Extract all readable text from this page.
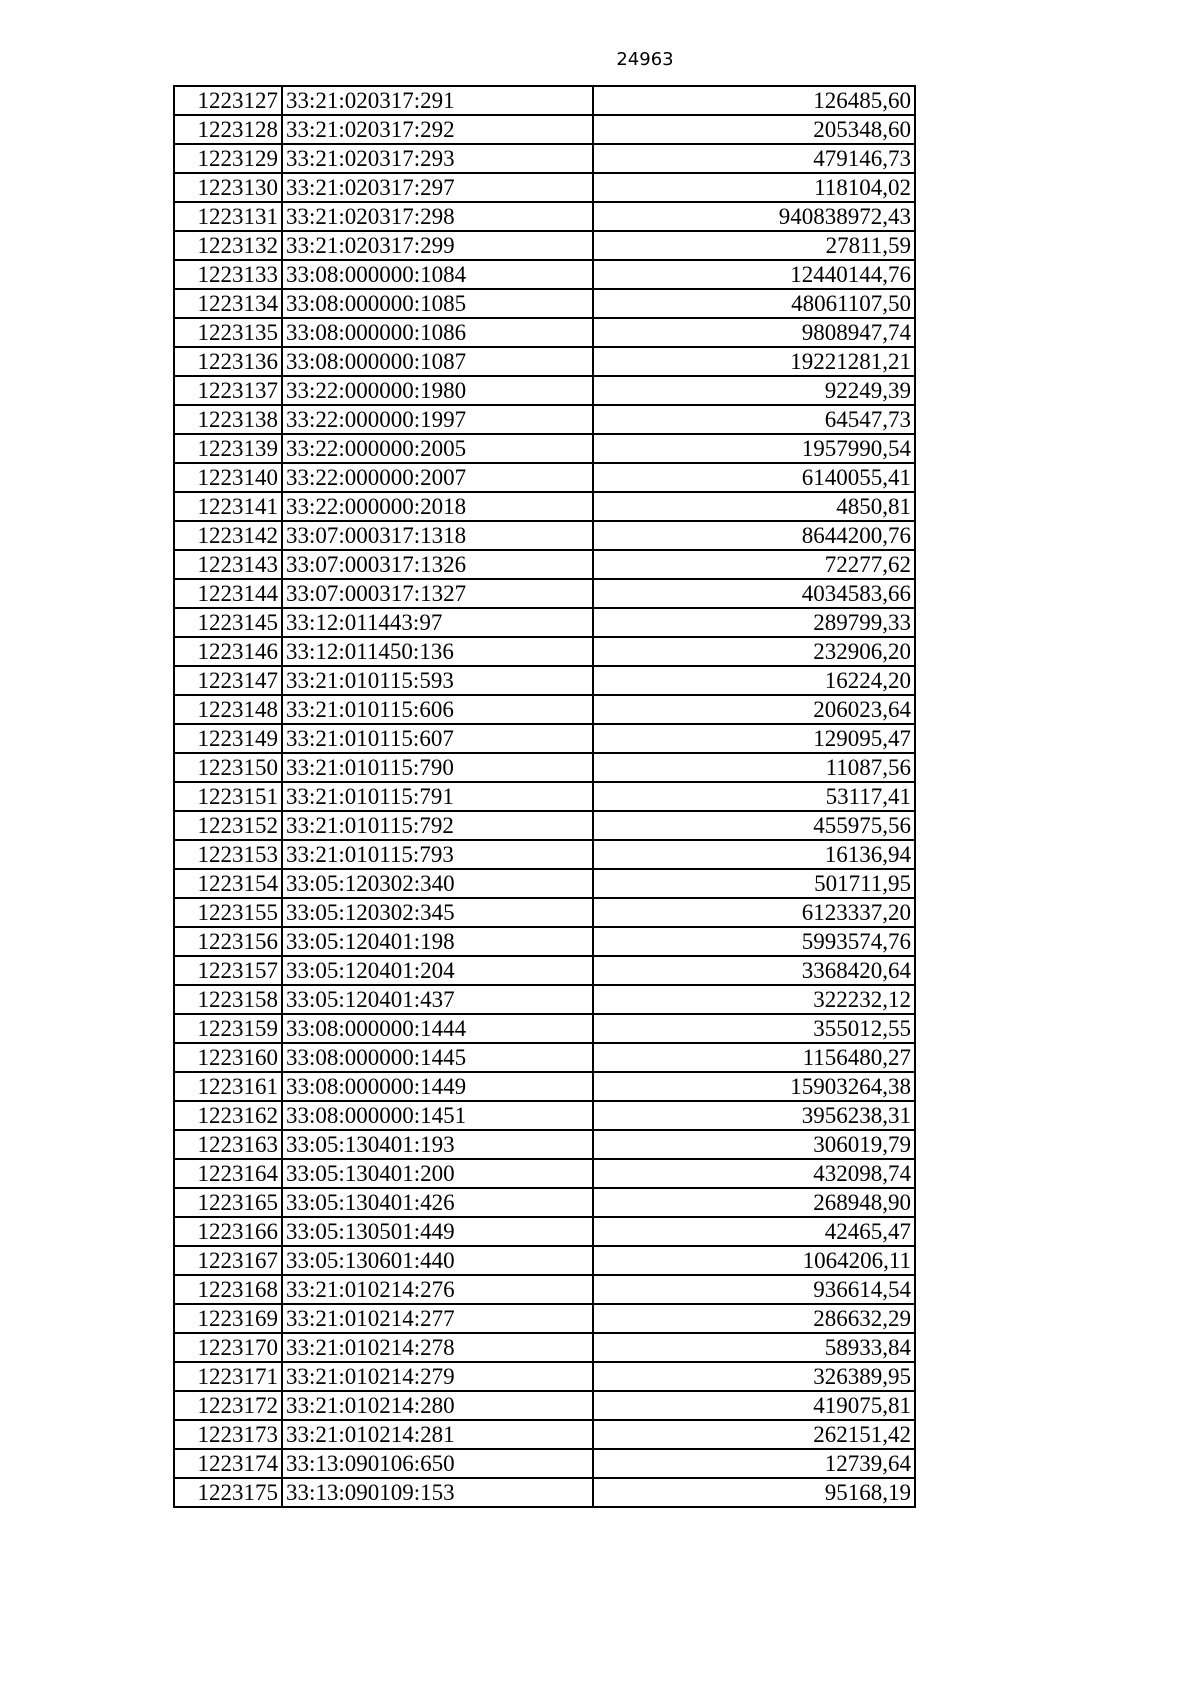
24963
1223127	33:21:020317:291	126485,60
1223128	33:21:020317:292	205348,60
1223129	33:21:020317:293	479146,73
1223130	33:21:020317:297	118104,02
1223131	33:21:020317:298	940838972,43
1223132	33:21:020317:299	27811,59
1223133	33:08:000000:1084	12440144,76
1223134	33:08:000000:1085	48061107,50
1223135	33:08:000000:1086	9808947,74
1223136	33:08:000000:1087	19221281,21
1223137	33:22:000000:1980	92249,39
1223138	33:22:000000:1997	64547,73
1223139	33:22:000000:2005	1957990,54
1223140	33:22:000000:2007	6140055,41
1223141	33:22:000000:2018	4850,81
1223142	33:07:000317:1318	8644200,76
1223143	33:07:000317:1326	72277,62
1223144	33:07:000317:1327	4034583,66
1223145	33:12:011443:97	289799,33
1223146	33:12:011450:136	232906,20
1223147	33:21:010115:593	16224,20
1223148	33:21:010115:606	206023,64
1223149	33:21:010115:607	129095,47
1223150	33:21:010115:790	11087,56
1223151	33:21:010115:791	53117,41
1223152	33:21:010115:792	455975,56
1223153	33:21:010115:793	16136,94
1223154	33:05:120302:340	501711,95
1223155	33:05:120302:345	6123337,20
1223156	33:05:120401:198	5993574,76
1223157	33:05:120401:204	3368420,64
1223158	33:05:120401:437	322232,12
1223159	33:08:000000:1444	355012,55
1223160	33:08:000000:1445	1156480,27
1223161	33:08:000000:1449	15903264,38
1223162	33:08:000000:1451	3956238,31
1223163	33:05:130401:193	306019,79
1223164	33:05:130401:200	432098,74
1223165	33:05:130401:426	268948,90
1223166	33:05:130501:449	42465,47
1223167	33:05:130601:440	1064206,11
1223168	33:21:010214:276	936614,54
1223169	33:21:010214:277	286632,29
1223170	33:21:010214:278	58933,84
1223171	33:21:010214:279	326389,95
1223172	33:21:010214:280	419075,81
1223173	33:21:010214:281	262151,42
1223174	33:13:090106:650	12739,64
1223175	33:13:090109:153	95168,19
